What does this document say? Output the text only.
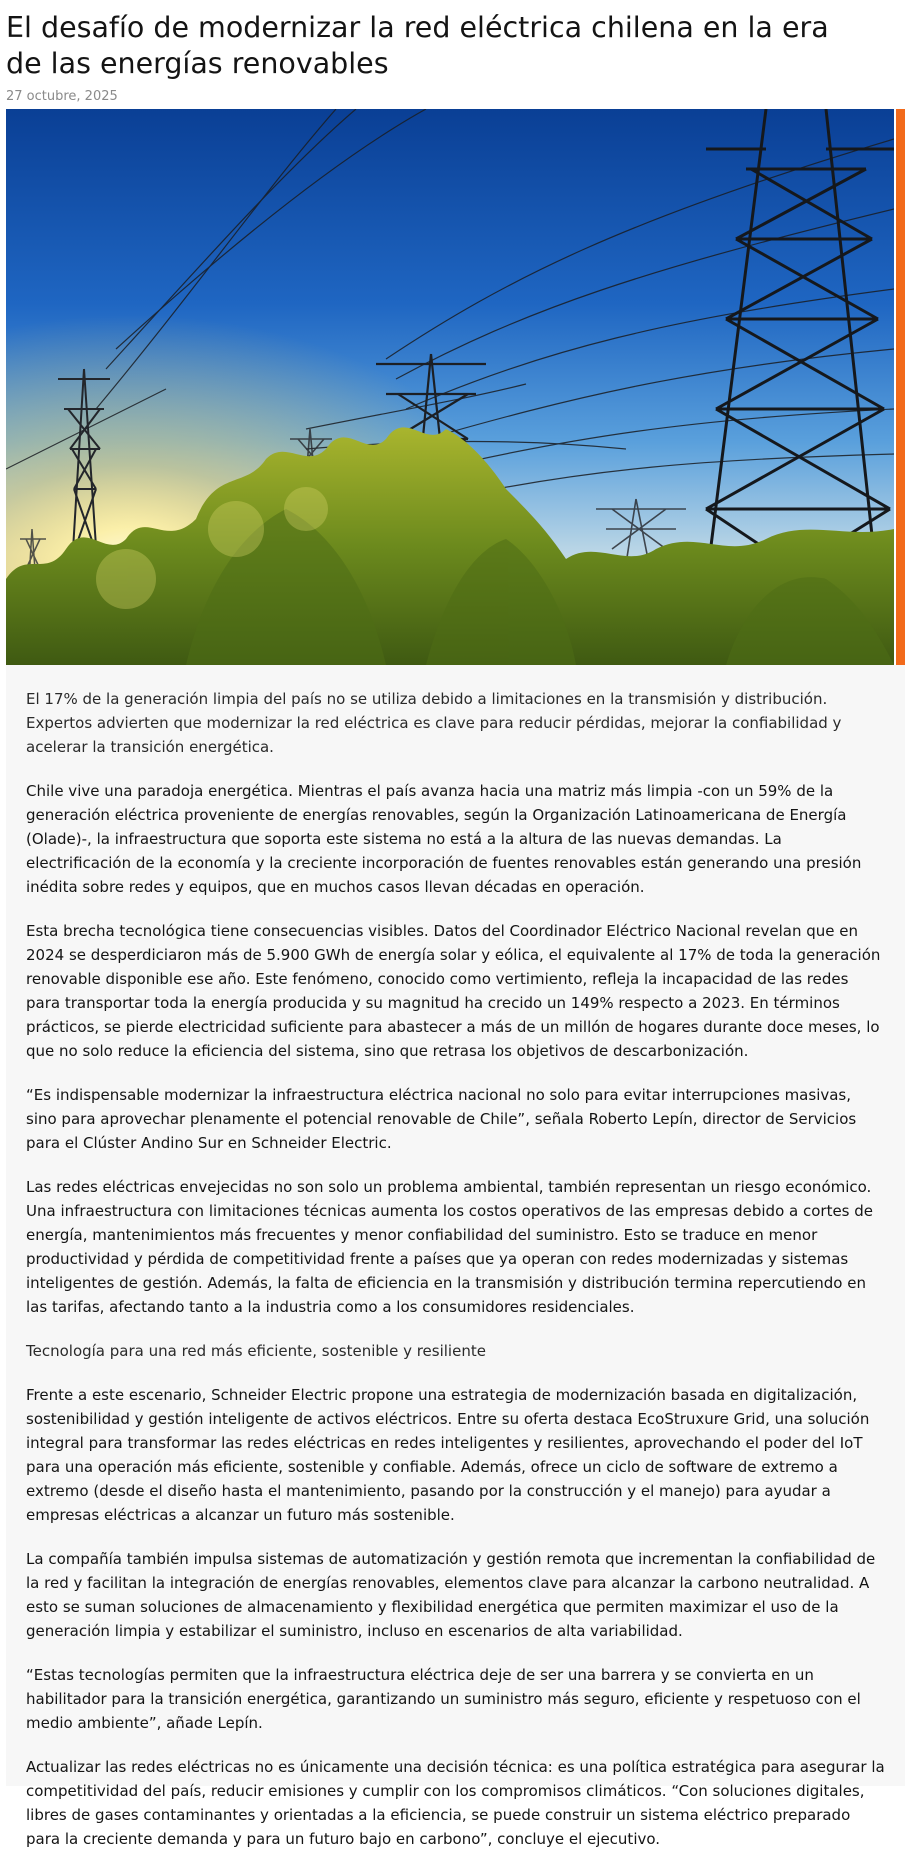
El desafío de modernizar la red eléctrica chilena en la era de las energías renovables
27 octubre, 2025

El 17% de la generación limpia del país no se utiliza debido a limitaciones en la transmisión y distribución. Expertos advierten que modernizar la red eléctrica es clave para reducir pérdidas, mejorar la confiabilidad y acelerar la transición energética.

Chile vive una paradoja energética. Mientras el país avanza hacia una matriz más limpia -con un 59% de la generación eléctrica proveniente de energías renovables, según la Organización Latinoamericana de Energía (Olade)-, la infraestructura que soporta este sistema no está a la altura de las nuevas demandas. La electrificación de la economía y la creciente incorporación de fuentes renovables están generando una presión inédita sobre redes y equipos, que en muchos casos llevan décadas en operación.

Esta brecha tecnológica tiene consecuencias visibles. Datos del Coordinador Eléctrico Nacional revelan que en 2024 se desperdiciaron más de 5.900 GWh de energía solar y eólica, el equivalente al 17% de toda la generación renovable disponible ese año. Este fenómeno, conocido como vertimiento, refleja la incapacidad de las redes para transportar toda la energía producida y su magnitud ha crecido un 149% respecto a 2023. En términos prácticos, se pierde electricidad suficiente para abastecer a más de un millón de hogares durante doce meses, lo que no solo reduce la eficiencia del sistema, sino que retrasa los objetivos de descarbonización.

“Es indispensable modernizar la infraestructura eléctrica nacional no solo para evitar interrupciones masivas, sino para aprovechar plenamente el potencial renovable de Chile”, señala Roberto Lepín, director de Servicios para el Clúster Andino Sur en Schneider Electric.

Las redes eléctricas envejecidas no son solo un problema ambiental, también representan un riesgo económico. Una infraestructura con limitaciones técnicas aumenta los costos operativos de las empresas debido a cortes de energía, mantenimientos más frecuentes y menor confiabilidad del suministro. Esto se traduce en menor productividad y pérdida de competitividad frente a países que ya operan con redes modernizadas y sistemas inteligentes de gestión. Además, la falta de eficiencia en la transmisión y distribución termina repercutiendo en las tarifas, afectando tanto a la industria como a los consumidores residenciales.

Tecnología para una red más eficiente, sostenible y resiliente

Frente a este escenario, Schneider Electric propone una estrategia de modernización basada en digitalización, sostenibilidad y gestión inteligente de activos eléctricos. Entre su oferta destaca EcoStruxure Grid, una solución integral para transformar las redes eléctricas en redes inteligentes y resilientes, aprovechando el poder del IoT para una operación más eficiente, sostenible y confiable. Además, ofrece un ciclo de software de extremo a extremo (desde el diseño hasta el mantenimiento, pasando por la construcción y el manejo) para ayudar a empresas eléctricas a alcanzar un futuro más sostenible.

La compañía también impulsa sistemas de automatización y gestión remota que incrementan la confiabilidad de la red y facilitan la integración de energías renovables, elementos clave para alcanzar la carbono neutralidad. A esto se suman soluciones de almacenamiento y flexibilidad energética que permiten maximizar el uso de la generación limpia y estabilizar el suministro, incluso en escenarios de alta variabilidad.

“Estas tecnologías permiten que la infraestructura eléctrica deje de ser una barrera y se convierta en un habilitador para la transición energética, garantizando un suministro más seguro, eficiente y respetuoso con el medio ambiente”, añade Lepín.

Actualizar las redes eléctricas no es únicamente una decisión técnica: es una política estratégica para asegurar la competitividad del país, reducir emisiones y cumplir con los compromisos climáticos. “Con soluciones digitales, libres de gases contaminantes y orientadas a la eficiencia, se puede construir un sistema eléctrico preparado para la creciente demanda y para un futuro bajo en carbono”, concluye el ejecutivo.
